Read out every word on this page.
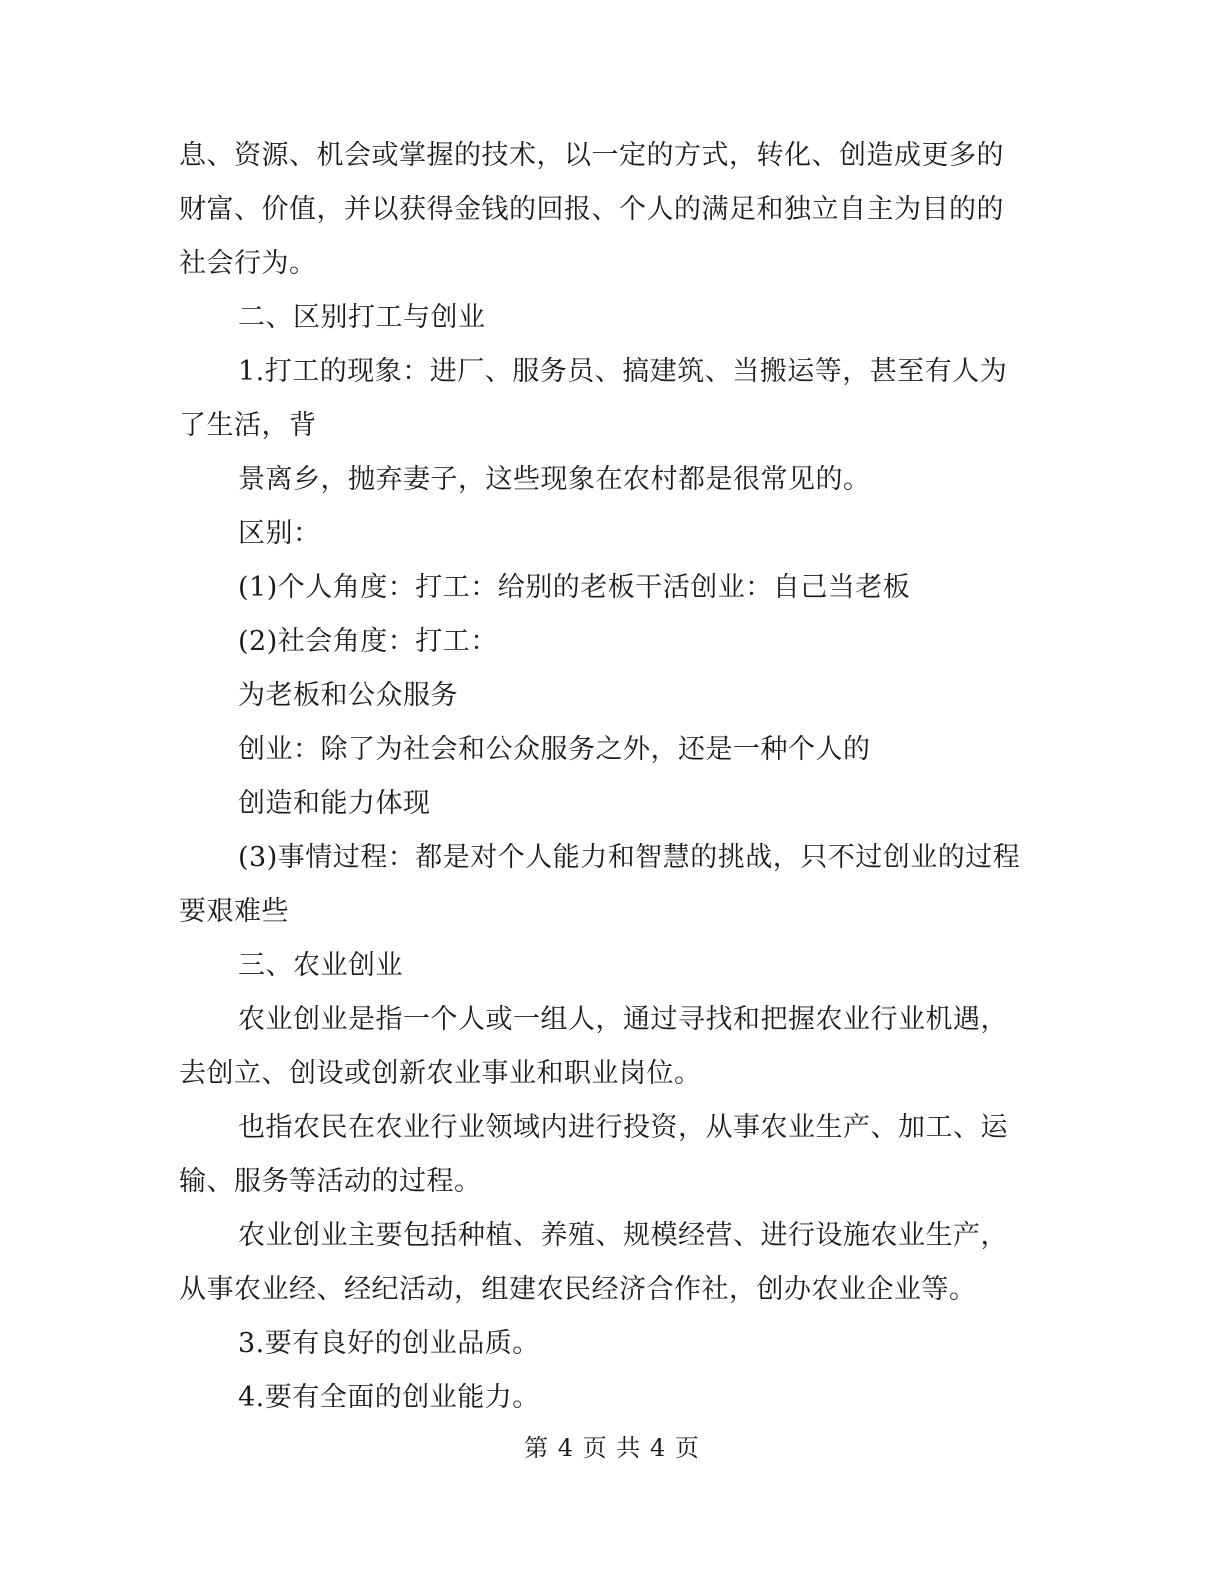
息、资源、机会或掌握的技术，以一定的方式，转化、创造成更多的
财富、价值，并以获得金钱的回报、个人的满足和独立自主为目的的
社会行为。
二、区别打工与创业
1.打工的现象：进厂、服务员、搞建筑、当搬运等，甚至有人为
了生活，背
景离乡，抛弃妻子，这些现象在农村都是很常见的。
区别：
(1)个人角度：打工：给别的老板干活创业：自己当老板
(2)社会角度：打工：
为老板和公众服务
创业：除了为社会和公众服务之外，还是一种个人的
创造和能力体现
(3)事情过程：都是对个人能力和智慧的挑战，只不过创业的过程
要艰难些
三、农业创业
农业创业是指一个人或一组人，通过寻找和把握农业行业机遇，
去创立、创设或创新农业事业和职业岗位。
也指农民在农业行业领域内进行投资，从事农业生产、加工、运
输、服务等活动的过程。
农业创业主要包括种植、养殖、规模经营、进行设施农业生产，
从事农业经、经纪活动，组建农民经济合作社，创办农业企业等。
3.要有良好的创业品质。
4.要有全面的创业能力。
第 4 页 共 4 页
